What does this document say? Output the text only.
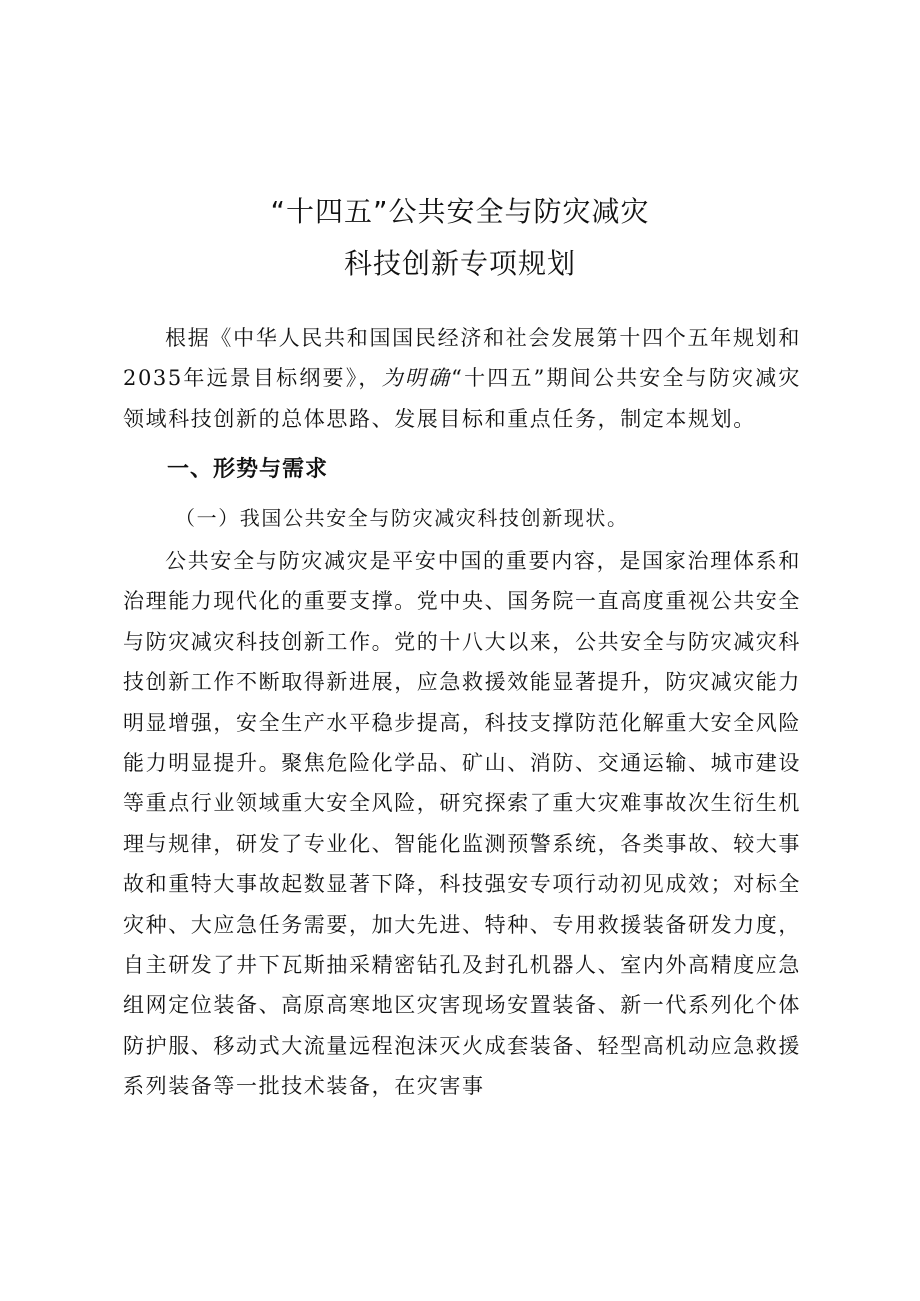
“十四五”公共安全与防灾减灾
科技创新专项规划

根据《中华人民共和国国民经济和社会发展第十四个五年规划和2035年远景目标纲要》，为明确“十四五”期间公共安全与防灾减灾领域科技创新的总体思路、发展目标和重点任务，制定本规划。

一、形势与需求
（一）我国公共安全与防灾减灾科技创新现状。

公共安全与防灾减灾是平安中国的重要内容，是国家治理体系和治理能力现代化的重要支撑。党中央、国务院一直高度重视公共安全与防灾减灾科技创新工作。党的十八大以来，公共安全与防灾减灾科技创新工作不断取得新进展，应急救援效能显著提升，防灾减灾能力明显增强，安全生产水平稳步提高，科技支撑防范化解重大安全风险能力明显提升。聚焦危险化学品、矿山、消防、交通运输、城市建设等重点行业领域重大安全风险，研究探索了重大灾难事故次生衍生机理与规律，研发了专业化、智能化监测预警系统，各类事故、较大事故和重特大事故起数显著下降，科技强安专项行动初见成效；对标全灾种、大应急任务需要，加大先进、特种、专用救援装备研发力度，自主研发了井下瓦斯抽采精密钻孔及封孔机器人、室内外高精度应急组网定位装备、高原高寒地区灾害现场安置装备、新一代系列化个体防护服、移动式大流量远程泡沫灭火成套装备、轻型高机动应急救援系列装备等一批技术装备，在灾害事
